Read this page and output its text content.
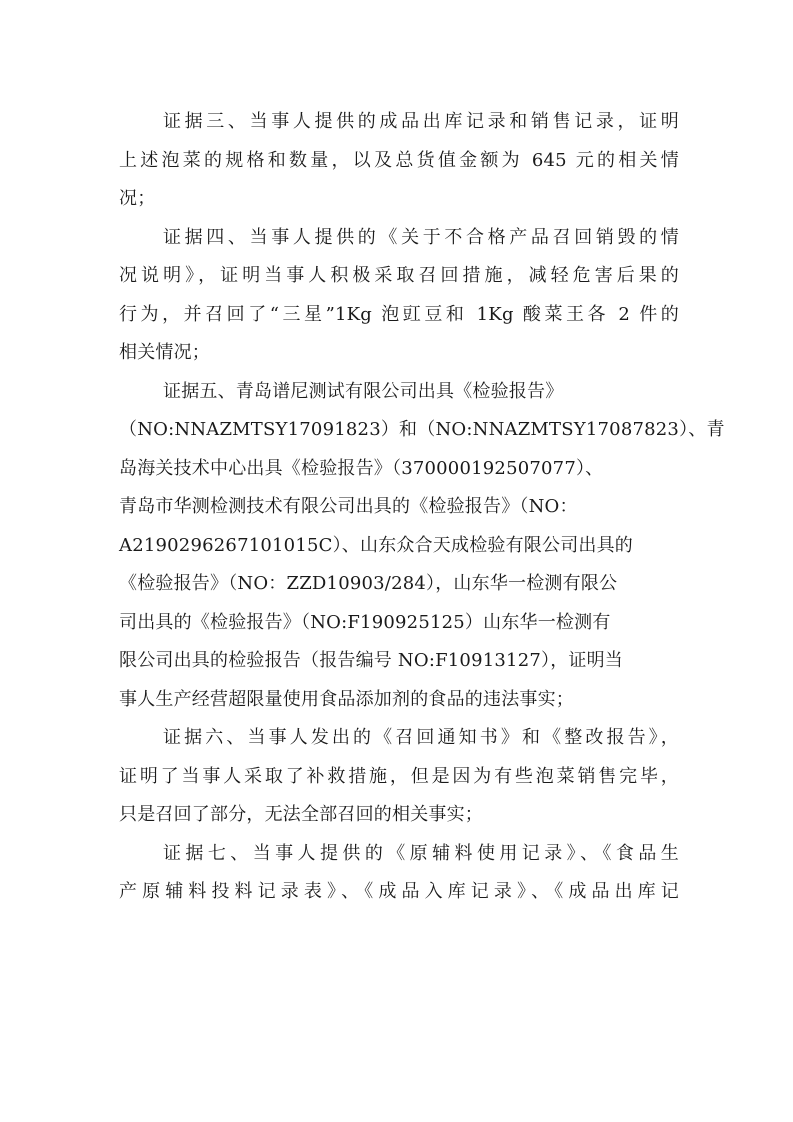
证据三、当事人提供的成品出库记录和销售记录，证明
上述泡菜的规格和数量，以及总货值金额为 645 元的相关情
况；
证据四、当事人提供的《关于不合格产品召回销毁的情
况说明》，证明当事人积极采取召回措施，减轻危害后果的
行为，并召回了“三星”1Kg 泡豇豆和 1Kg 酸菜王各 2 件的
相关情况；
证据五、青岛谱尼测试有限公司出具《检验报告》
（NO:NNAZMTSY17091823）和（NO:NNAZMTSY17087823）、青
岛海关技术中心出具《检验报告》（370000192507077）、
青岛市华测检测技术有限公司出具的《检验报告》（NO：
A2190296267101015C）、山东众合天成检验有限公司出具的
《检验报告》（NO：ZZD10903/284），山东华一检测有限公
司出具的《检验报告》（NO:F190925125）山东华一检测有
限公司出具的检验报告（报告编号 NO:F10913127），证明当
事人生产经营超限量使用食品添加剂的食品的违法事实；
证据六、当事人发出的《召回通知书》和《整改报告》，
证明了当事人采取了补救措施，但是因为有些泡菜销售完毕，
只是召回了部分，无法全部召回的相关事实；
证据七、当事人提供的《原辅料使用记录》、《食品生
产原辅料投料记录表》、《成品入库记录》、《成品出库记
